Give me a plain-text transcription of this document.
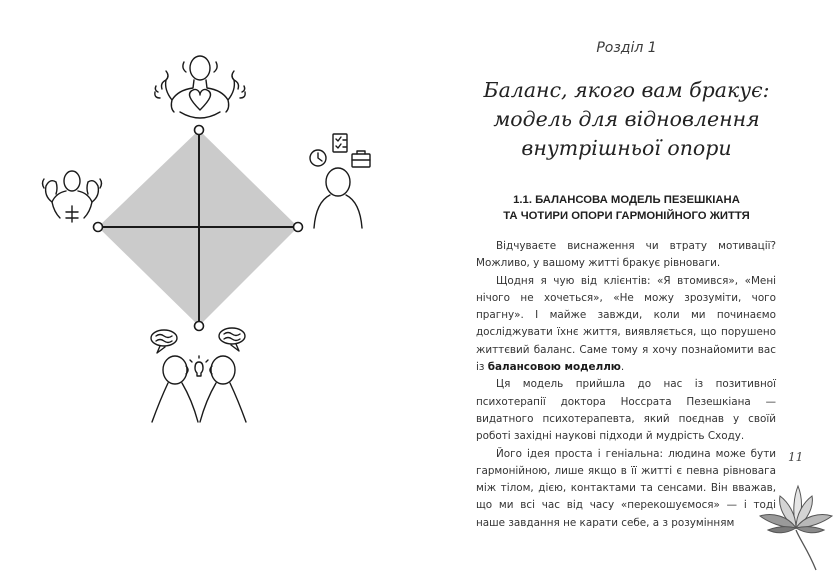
Розділ 1
Баланс, якого вам бракує:
модель для відновлення
внутрішньої опори
1.1. БАЛАНСОВА МОДЕЛЬ ПЕЗЕШКІАНА
ТА ЧОТИРИ ОПОРИ ГАРМОНІЙНОГО ЖИТТЯ

Відчуваєте виснаження чи втрату мотивації? Можливо, у вашому житті бракує рівноваги.

Щодня я чую від клієнтів: «Я втомився», «Мені нічого не хочеться», «Не можу зрозуміти, чого прагну». І майже завжди, коли ми починаємо досліджувати їхнє життя, виявляється, що порушено життєвий баланс. Саме тому я хочу познайомити вас із балансовою моделлю.

Ця модель прийшла до нас із позитивної психотерапії доктора Носсрата Пезешкіана — видатного психотерапевта, який поєднав у своїй роботі західні наукові підходи й мудрість Сходу.

Його ідея проста і геніальна: людина може бути гармонійною, лише якщо в її житті є певна рівновага між тілом, дією, контактами та сенсами. Він вважав, що ми всі час від часу «перекошуємося» — і тоді наше завдання не карати себе, а з розумінням

11
